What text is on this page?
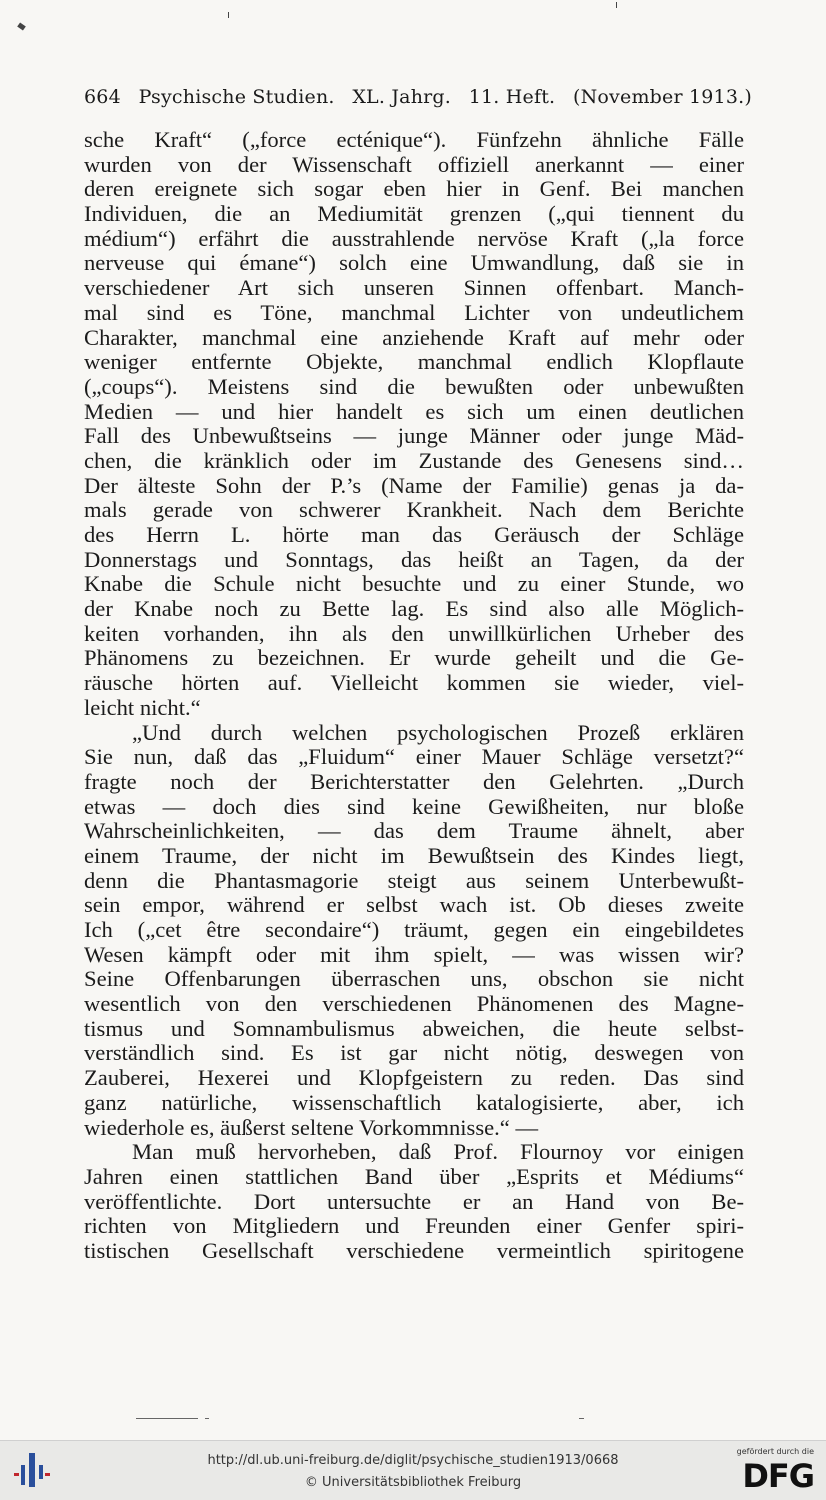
664 Psychische Studien. XL. Jahrg. 11. Heft. (November 1913.)
sche Kraft“ („force ecténique“). Fünfzehn ähnliche Fälle
wurden von der Wissenschaft offiziell anerkannt — einer
deren ereignete sich sogar eben hier in Genf. Bei manchen
Individuen, die an Mediumität grenzen („qui tiennent du
médium“) erfährt die ausstrahlende nervöse Kraft („la force
nerveuse qui émane“) solch eine Umwandlung, daß sie in
verschiedener Art sich unseren Sinnen offenbart. Manch-
mal sind es Töne, manchmal Lichter von undeutlichem
Charakter, manchmal eine anziehende Kraft auf mehr oder
weniger entfernte Objekte, manchmal endlich Klopflaute
(„coups“). Meistens sind die bewußten oder unbewußten
Medien — und hier handelt es sich um einen deutlichen
Fall des Unbewußtseins — junge Männer oder junge Mäd-
chen, die kränklich oder im Zustande des Genesens sind…
Der älteste Sohn der P.’s (Name der Familie) genas ja da-
mals gerade von schwerer Krankheit. Nach dem Berichte
des Herrn L. hörte man das Geräusch der Schläge
Donnerstags und Sonntags, das heißt an Tagen, da der
Knabe die Schule nicht besuchte und zu einer Stunde, wo
der Knabe noch zu Bette lag. Es sind also alle Möglich-
keiten vorhanden, ihn als den unwillkürlichen Urheber des
Phänomens zu bezeichnen. Er wurde geheilt und die Ge-
räusche hörten auf. Vielleicht kommen sie wieder, viel-
leicht nicht.“
„Und durch welchen psychologischen Prozeß erklären
Sie nun, daß das „Fluidum“ einer Mauer Schläge versetzt?“
fragte noch der Berichterstatter den Gelehrten. „Durch
etwas — doch dies sind keine Gewißheiten, nur bloße
Wahrscheinlichkeiten, — das dem Traume ähnelt, aber
einem Traume, der nicht im Bewußtsein des Kindes liegt,
denn die Phantasmagorie steigt aus seinem Unterbewußt-
sein empor, während er selbst wach ist. Ob dieses zweite
Ich („cet être secondaire“) träumt, gegen ein eingebildetes
Wesen kämpft oder mit ihm spielt, — was wissen wir?
Seine Offenbarungen überraschen uns, obschon sie nicht
wesentlich von den verschiedenen Phänomenen des Magne-
tismus und Somnambulismus abweichen, die heute selbst-
verständlich sind. Es ist gar nicht nötig, deswegen von
Zauberei, Hexerei und Klopfgeistern zu reden. Das sind
ganz natürliche, wissenschaftlich katalogisierte, aber, ich
wiederhole es, äußerst seltene Vorkommnisse.“ —
Man muß hervorheben, daß Prof. Flournoy vor einigen
Jahren einen stattlichen Band über „Esprits et Médiums“
veröffentlichte. Dort untersuchte er an Hand von Be-
richten von Mitgliedern und Freunden einer Genfer spiri-
tistischen Gesellschaft verschiedene vermeintlich spiritogene
http://dl.ub.uni-freiburg.de/diglit/psychische_studien1913/0668
© Universitätsbibliothek Freiburg
gefördert durch die
DFG
